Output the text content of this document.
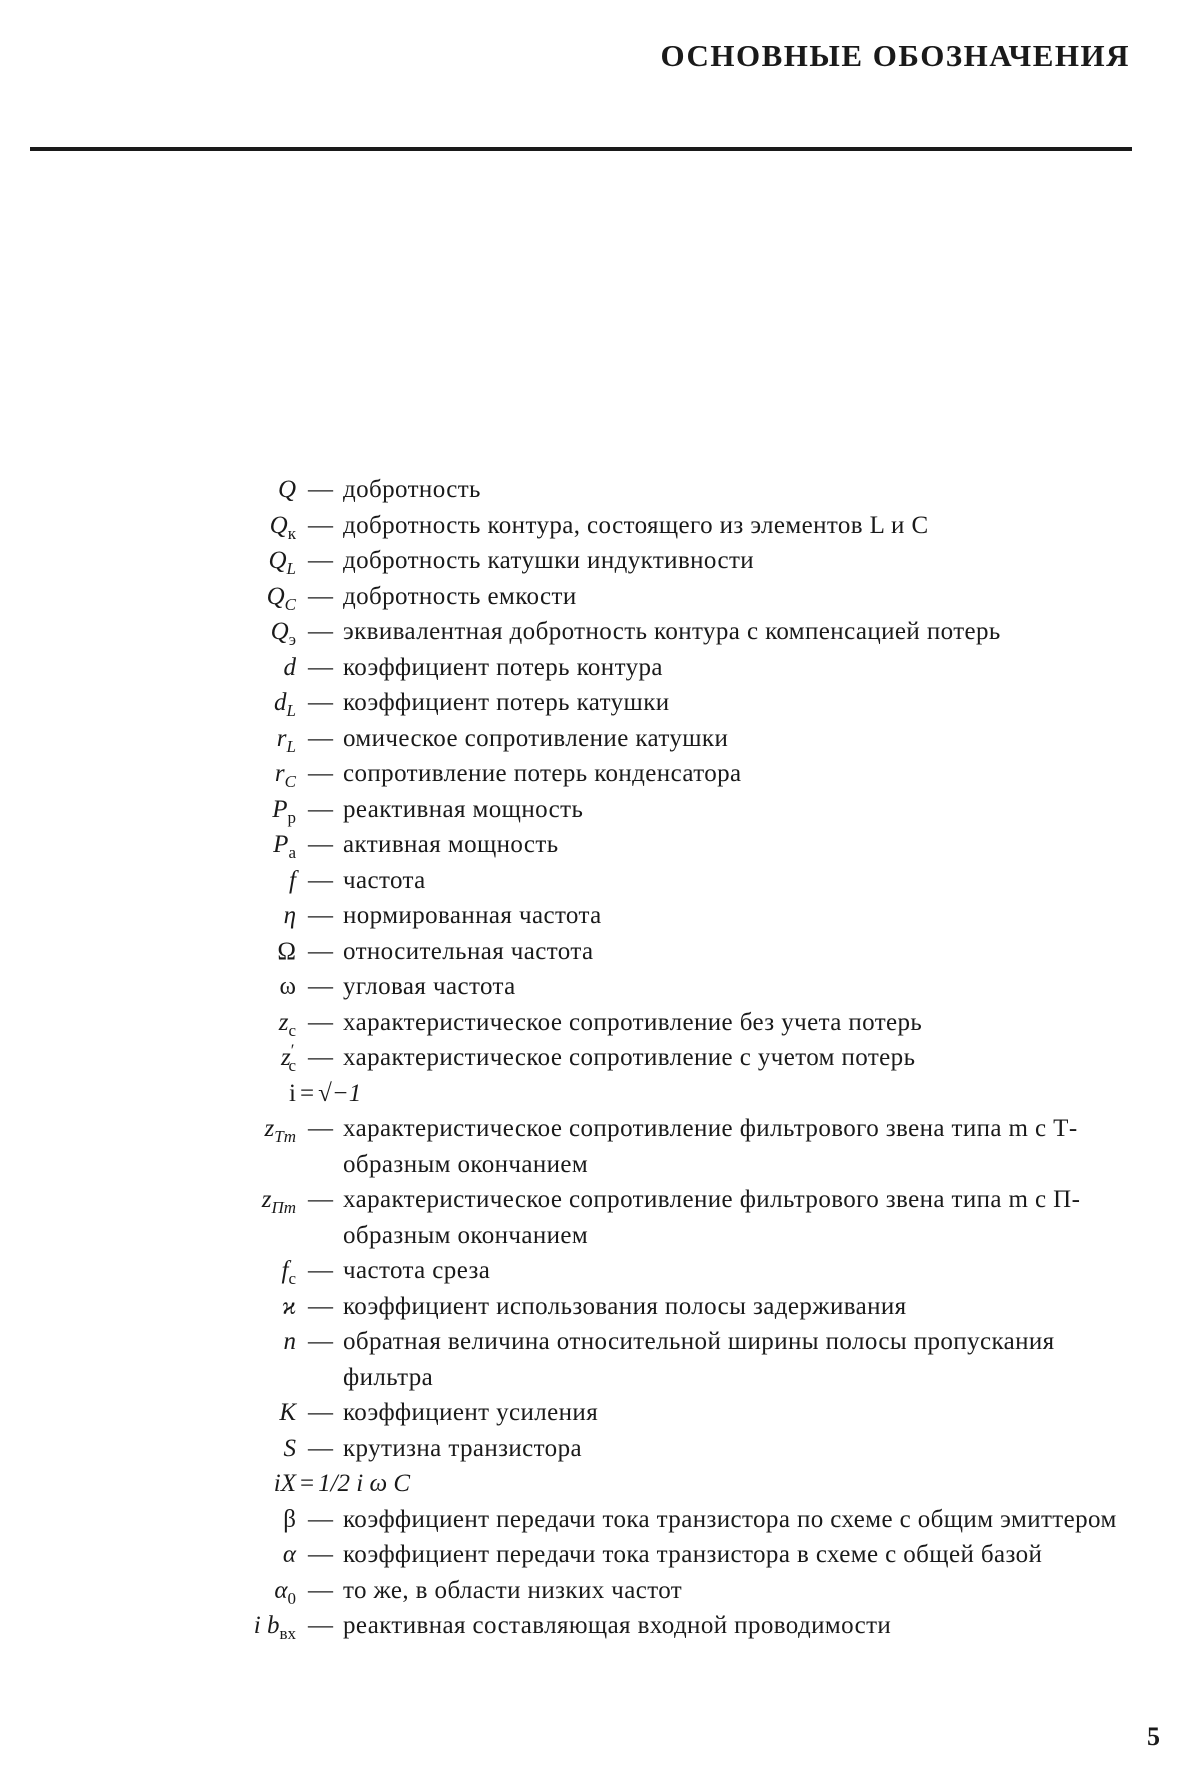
ОСНОВНЫЕ ОБОЗНАЧЕНИЯ
Q — добротность
$Q_к$ — добротность контура, состоящего из элементов L и C
$Q_L$ — добротность катушки индуктивности
$Q_C$ — добротность емкости
$Q_э$ — эквивалентная добротность контура с компенсацией потерь
d — коэффициент потерь контура
$d_L$ — коэффициент потерь катушки
$r_L$ — омическое сопротивление катушки
$r_C$ — сопротивление потерь конденсатора
$P_р$ — реактивная мощность
$P_а$ — активная мощность
f — частота
η — нормированная частота
Ω — относительная частота
ω — угловая частота
$z_с$ — характеристическое сопротивление без учета потерь
$z'_с$ — характеристическое сопротивление с учетом потерь
i = √−1
$z_{Tm}$ — характеристическое сопротивление фильтрового звена типа m с Т-образным окончанием
$z_{Пm}$ — характеристическое сопротивление фильтрового звена типа m с П-образным окончанием
$f_с$ — частота среза
ϰ — коэффициент использования полосы задерживания
n — обратная величина относительной ширины полосы пропускания фильтра
K — коэффициент усиления
S — крутизна транзистора
iX = 1/2 i ω C
β — коэффициент передачи тока транзистора по схеме с общим эмиттером
α — коэффициент передачи тока транзистора в схеме с общей базой
$\alpha_0$ — то же, в области низких частот
i $b_{вх}$ — реактивная составляющая входной проводимости
5
